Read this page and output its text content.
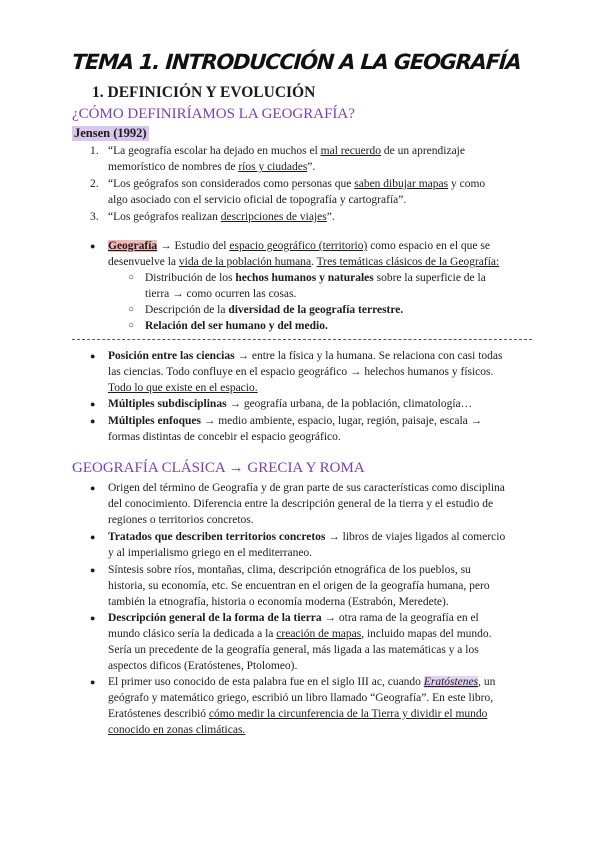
TEMA 1. INTRODUCCIÓN A LA GEOGRAFÍA
1. DEFINICIÓN Y EVOLUCIÓN
¿CÓMO DEFINIRÍAMOS LA GEOGRAFÍA?
Jensen (1992)
1. “La geografía escolar ha dejado en muchos el mal recuerdo de un aprendizaje
memorístico de nombres de ríos y ciudades”.
2. “Los geógrafos son considerados como personas que saben dibujar mapas y como
algo asociado con el servicio oficial de topografía y cartografía”.
3. “Los geógrafos realizan descripciones de viajes”.
● Geografía → Estudio del espacio geográfico (territorio) como espacio en el que se
desenvuelve la vida de la población humana. Tres temáticas clásicos de la Geografía:
○ Distribución de los hechos humanos y naturales sobre la superficie de la
tierra → como ocurren las cosas.
○ Descripción de la diversidad de la geografía terrestre.
○ Relación del ser humano y del medio.
● Posición entre las ciencias → entre la física y la humana. Se relaciona con casi todas
las ciencias. Todo confluye en el espacio geográfico → helechos humanos y físicos.
Todo lo que existe en el espacio.
● Múltiples subdisciplinas → geografía urbana, de la población, climatología…
● Múltiples enfoques → medio ambiente, espacio, lugar, región, paisaje, escala →
formas distintas de concebir el espacio geográfico.
GEOGRAFÍA CLÁSICA → GRECIA Y ROMA
● Origen del término de Geografía y de gran parte de sus características como disciplina
del conocimiento. Diferencia entre la descripción general de la tierra y el estudio de
regiones o territorios concretos.
● Tratados que describen territorios concretos → libros de viajes ligados al comercio
y al imperialismo griego en el mediterraneo.
● Síntesis sobre ríos, montañas, clima, descripción etnográfica de los pueblos, su
historia, su economía, etc. Se encuentran en el origen de la geografía humana, pero
también la etnografía, historia o economía moderna (Estrabón, Meredete).
● Descripción general de la forma de la tierra → otra rama de la geografía en el
mundo clásico sería la dedicada a la creación de mapas, incluido mapas del mundo.
Sería un precedente de la geografía general, más ligada a las matemáticas y a los
aspectos dificos (Eratóstenes, Ptolomeo).
● El primer uso conocido de esta palabra fue en el siglo III ac, cuando Eratóstenes, un
geógrafo y matemático griego, escribió un libro llamado “Geografía”. En este libro,
Eratóstenes describió cómo medir la circunferencia de la Tierra y dividir el mundo
conocido en zonas climáticas.
